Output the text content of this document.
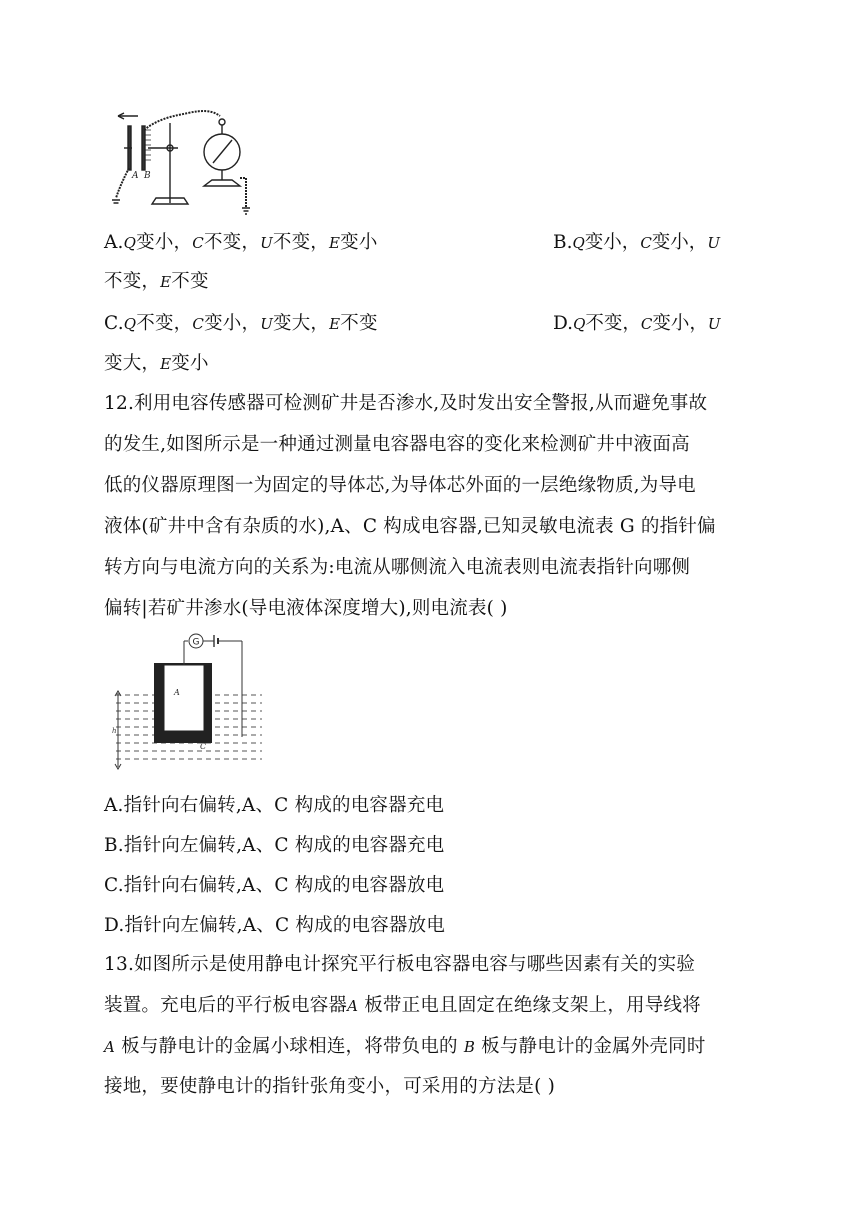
A B
A.Q变小，C不变，U不变，E变小	B.Q变小，C变小，U
不变，E不变
C.Q不变，C变小，U变大，E不变	D.Q不变，C变小，U
变大，E变小
12.利用电容传感器可检测矿井是否渗水,及时发出安全警报,从而避免事故
的发生,如图所示是一种通过测量电容器电容的变化来检测矿井中液面高
低的仪器原理图一为固定的导体芯,为导体芯外面的一层绝缘物质,为导电
液体(矿井中含有杂质的水),A、C 构成电容器,已知灵敏电流表 G 的指针偏
转方向与电流方向的关系为:电流从哪侧流入电流表则电流表指针向哪侧
偏转|若矿井渗水(导电液体深度增大),则电流表( )
G
A
C
h
A.指针向右偏转,A、C 构成的电容器充电
B.指针向左偏转,A、C 构成的电容器充电
C.指针向右偏转,A、C 构成的电容器放电
D.指针向左偏转,A、C 构成的电容器放电
13.如图所示是使用静电计探究平行板电容器电容与哪些因素有关的实验
装置。充电后的平行板电容器A 板带正电且固定在绝缘支架上，用导线将
A 板与静电计的金属小球相连，将带负电的 B 板与静电计的金属外壳同时
接地，要使静电计的指针张角变小，可采用的方法是( )
